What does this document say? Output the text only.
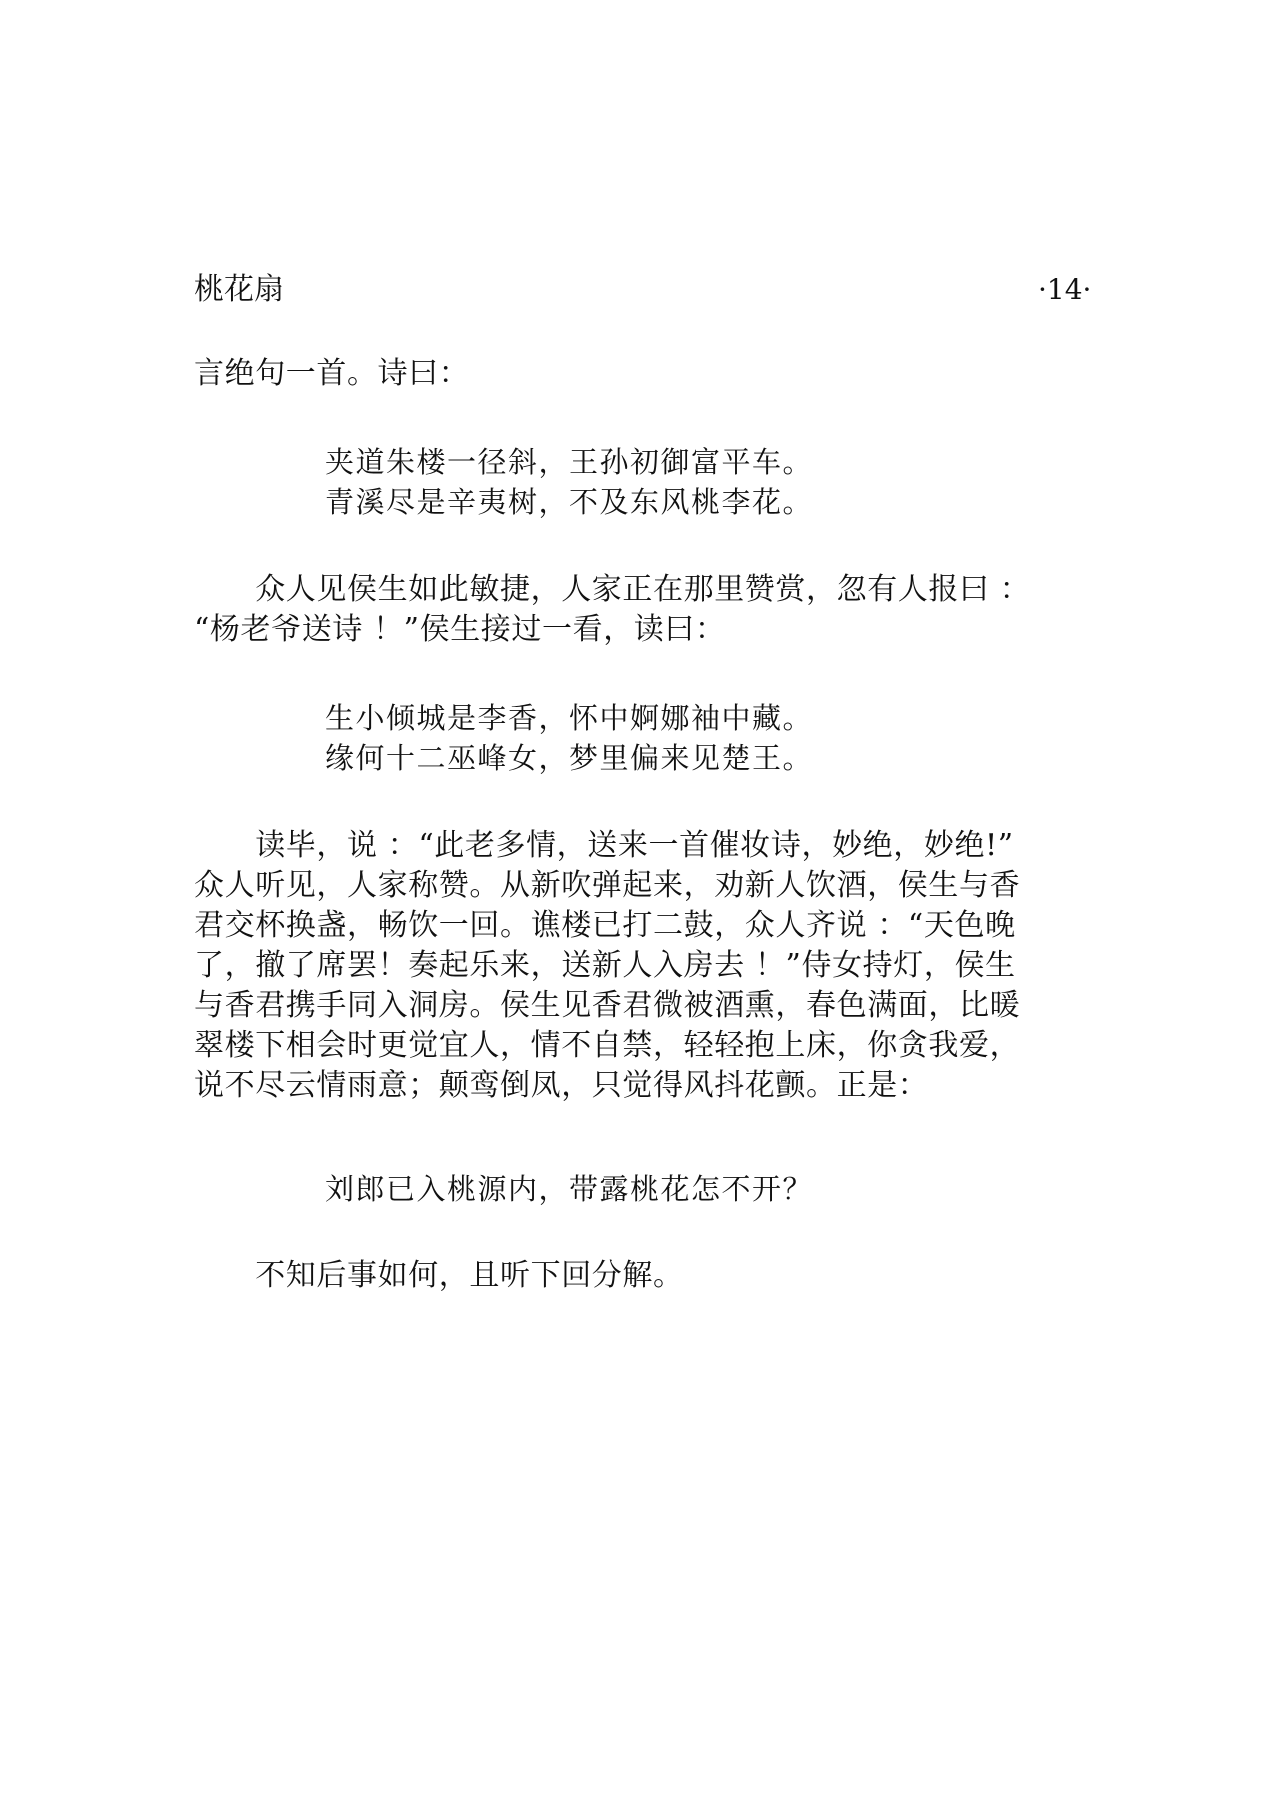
桃花扇	·14·
言绝句一首。诗曰：
夹道朱楼一径斜，王孙初御富平车。
青溪尽是辛夷树，不及东风桃李花。
　　众人见侯生如此敏捷，人家正在那里赞赏，忽有人报曰 ：
“杨老爷送诗 ！”侯生接过一看，读曰：
生小倾城是李香，怀中婀娜袖中藏。
缘何十二巫峰女，梦里偏来见楚王。
　　读毕，说 ：“此老多情，送来一首催妆诗，妙绝，妙绝!”
众人听见，人家称赞。从新吹弹起来，劝新人饮酒，侯生与香
君交杯换盏，畅饮一回。谯楼已打二鼓，众人齐说 ：“天色晚
了，撤了席罢！奏起乐来，送新人入房去 ！”侍女持灯，侯生
与香君携手同入洞房。侯生见香君微被酒熏，春色满面，比暖
翠楼下相会时更觉宜人，情不自禁，轻轻抱上床，你贪我爱，
说不尽云情雨意；颠鸾倒凤，只觉得风抖花颤。正是：
刘郎已入桃源内，带露桃花怎不开？
　　不知后事如何，且听下回分解。
